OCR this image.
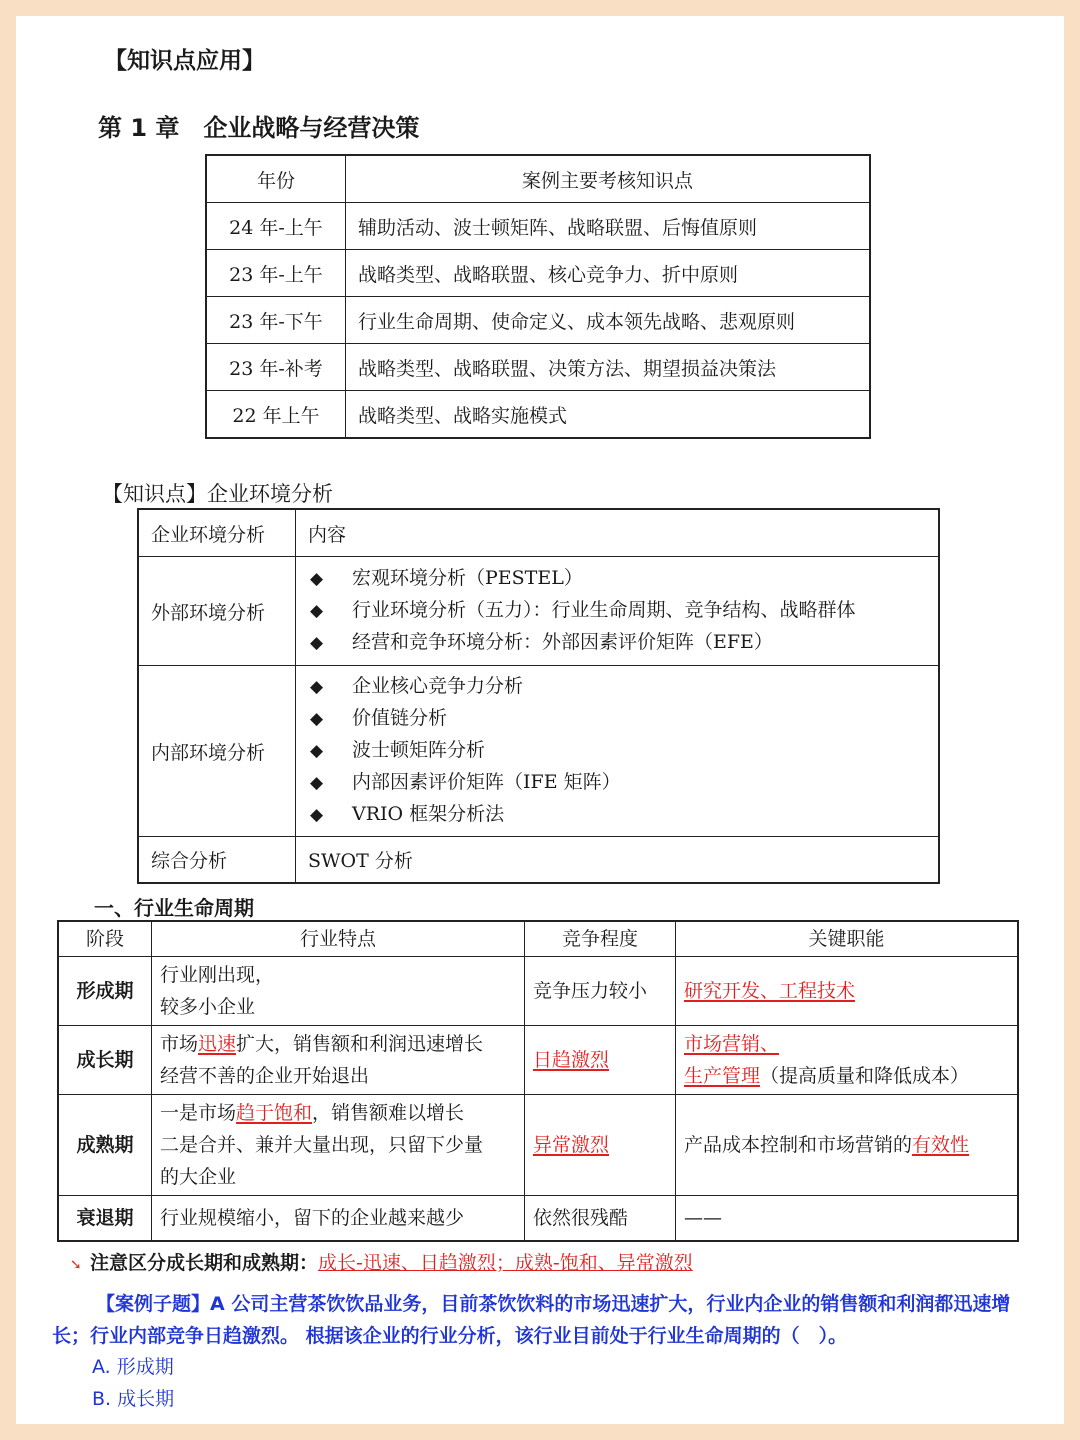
【知识点应用】
第 1 章　企业战略与经营决策
年份	案例主要考核知识点
24 年-上午	辅助活动、波士顿矩阵、战略联盟、后悔值原则
23 年-上午	战略类型、战略联盟、核心竞争力、折中原则
23 年-下午	行业生命周期、使命定义、成本领先战略、悲观原则
23 年-补考	战略类型、战略联盟、决策方法、期望损益决策法
22 年上午	战略类型、战略实施模式
【知识点】企业环境分析
企业环境分析	内容
外部环境分析	◆ 宏观环境分析（PESTEL）
◆ 行业环境分析（五力）：行业生命周期、竞争结构、战略群体
◆ 经营和竞争环境分析：外部因素评价矩阵（EFE）

内部环境分析	◆ 企业核心竞争力分析
◆ 价值链分析
◆ 波士顿矩阵分析
◆ 内部因素评价矩阵（IFE 矩阵）
◆ VRIO 框架分析法

综合分析	SWOT 分析
一、行业生命周期
阶段	行业特点	竞争程度	关键职能
形成期	行业刚出现，
较多小企业	竞争压力较小	研究开发、工程技术
成长期	市场迅速扩大，销售额和利润迅速增长
经营不善的企业开始退出	日趋激烈	市场营销、
生产管理（提高质量和降低成本）
成熟期	一是市场趋于饱和，销售额难以增长
二是合并、兼并大量出现，只留下少量
的大企业	异常激烈	产品成本控制和市场营销的有效性
衰退期	行业规模缩小，留下的企业越来越少	依然很残酷	——
➘ 注意区分成长期和成熟期：成长-迅速、日趋激烈；成熟-饱和、异常激烈
【案例子题】A 公司主营茶饮饮品业务，目前茶饮饮料的市场迅速扩大，行业内企业的销售额和利润都迅速增长；行业内部竞争日趋激烈。 根据该企业的行业分析，该行业目前处于行业生命周期的（　）。
A. 形成期
B. 成长期
